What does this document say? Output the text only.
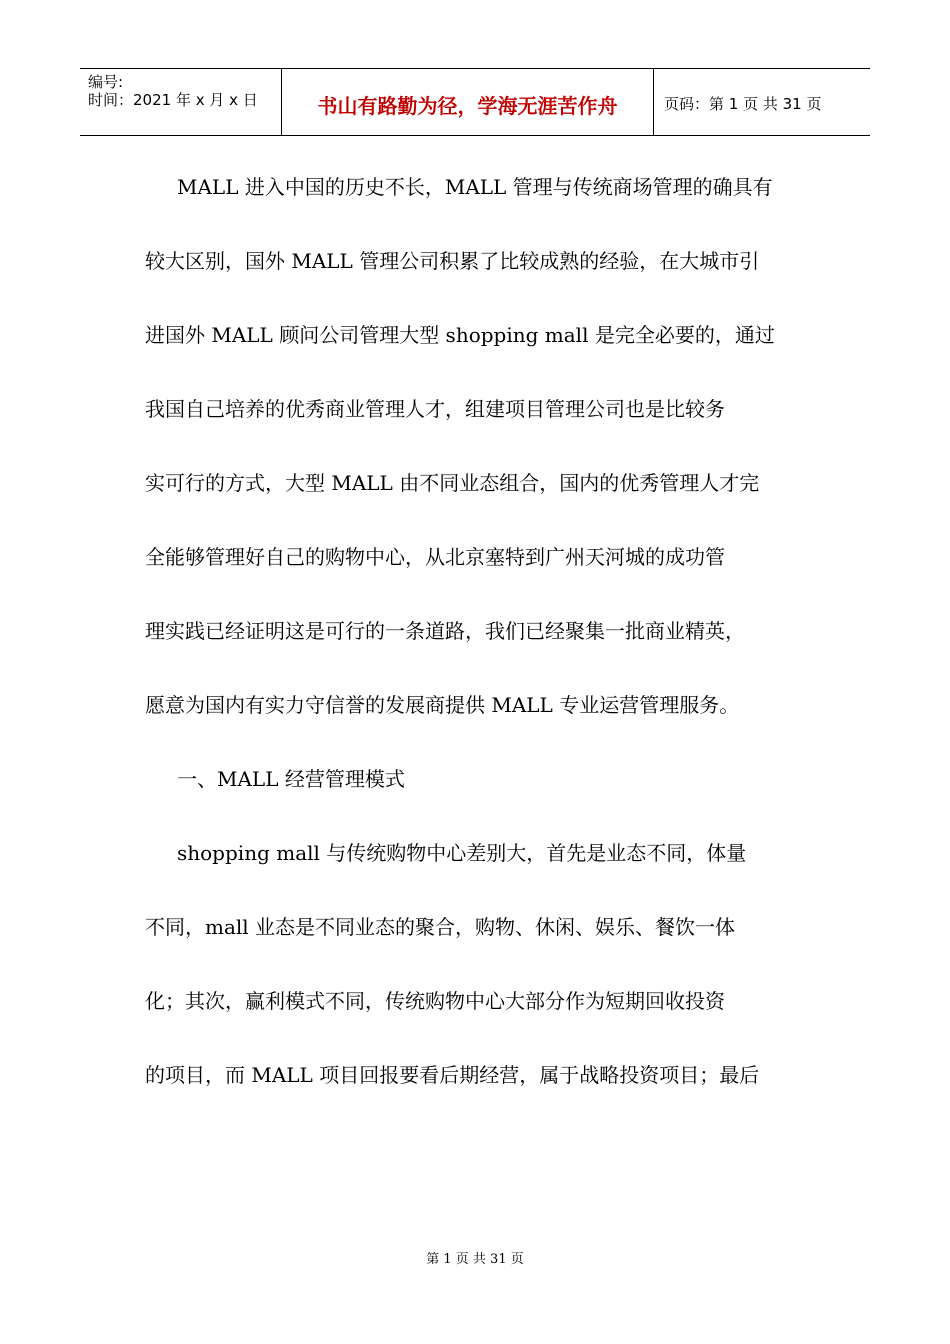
编号:
时间：2021 年 x 月 x 日	书山有路勤为径，学海无涯苦作舟	页码：第 1 页 共 31 页
MALL 进入中国的历史不长，MALL 管理与传统商场管理的确具有
较大区别，国外 MALL 管理公司积累了比较成熟的经验，在大城市引
进国外 MALL 顾问公司管理大型 shopping mall 是完全必要的，通过
我国自己培养的优秀商业管理人才，组建项目管理公司也是比较务
实可行的方式，大型 MALL 由不同业态组合，国内的优秀管理人才完
全能够管理好自己的购物中心，从北京塞特到广州天河城的成功管
理实践已经证明这是可行的一条道路，我们已经聚集一批商业精英，
愿意为国内有实力守信誉的发展商提供 MALL 专业运营管理服务。
一、MALL 经营管理模式
shopping mall 与传统购物中心差别大，首先是业态不同，体量
不同，mall 业态是不同业态的聚合，购物、休闲、娱乐、餐饮一体
化；其次，赢利模式不同，传统购物中心大部分作为短期回收投资
的项目，而 MALL 项目回报要看后期经营，属于战略投资项目；最后
第 1 页 共 31 页
